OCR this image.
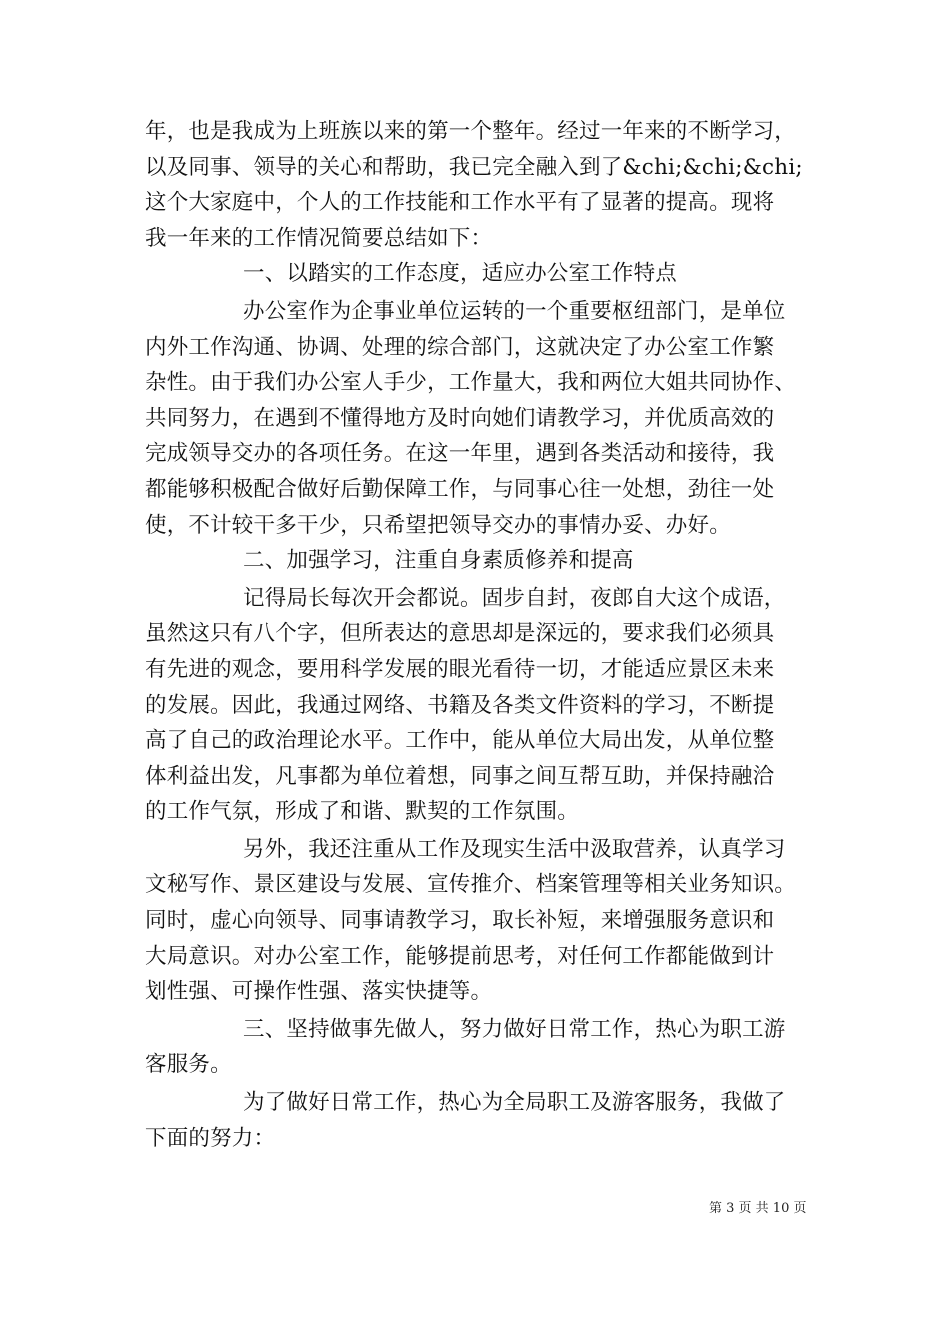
年，也是我成为上班族以来的第一个整年。经过一年来的不断学习，
以及同事、领导的关心和帮助，我已完全融入到了&chi;&chi;&chi;
这个大家庭中，个人的工作技能和工作水平有了显著的提高。现将
我一年来的工作情况简要总结如下：
一、以踏实的工作态度，适应办公室工作特点
办公室作为企事业单位运转的一个重要枢纽部门，是单位
内外工作沟通、协调、处理的综合部门，这就决定了办公室工作繁
杂性。由于我们办公室人手少，工作量大，我和两位大姐共同协作、
共同努力，在遇到不懂得地方及时向她们请教学习，并优质高效的
完成领导交办的各项任务。在这一年里，遇到各类活动和接待，我
都能够积极配合做好后勤保障工作，与同事心往一处想，劲往一处
使，不计较干多干少，只希望把领导交办的事情办妥、办好。
二、加强学习，注重自身素质修养和提高
记得局长每次开会都说。固步自封，夜郎自大这个成语，
虽然这只有八个字，但所表达的意思却是深远的，要求我们必须具
有先进的观念，要用科学发展的眼光看待一切，才能适应景区未来
的发展。因此，我通过网络、书籍及各类文件资料的学习，不断提
高了自己的政治理论水平。工作中，能从单位大局出发，从单位整
体利益出发，凡事都为单位着想，同事之间互帮互助，并保持融洽
的工作气氛，形成了和谐、默契的工作氛围。
另外，我还注重从工作及现实生活中汲取营养，认真学习
文秘写作、景区建设与发展、宣传推介、档案管理等相关业务知识。
同时，虚心向领导、同事请教学习，取长补短，来增强服务意识和
大局意识。对办公室工作，能够提前思考，对任何工作都能做到计
划性强、可操作性强、落实快捷等。
三、坚持做事先做人，努力做好日常工作，热心为职工游
客服务。
为了做好日常工作，热心为全局职工及游客服务，我做了
下面的努力：
第 3 页 共 10 页
